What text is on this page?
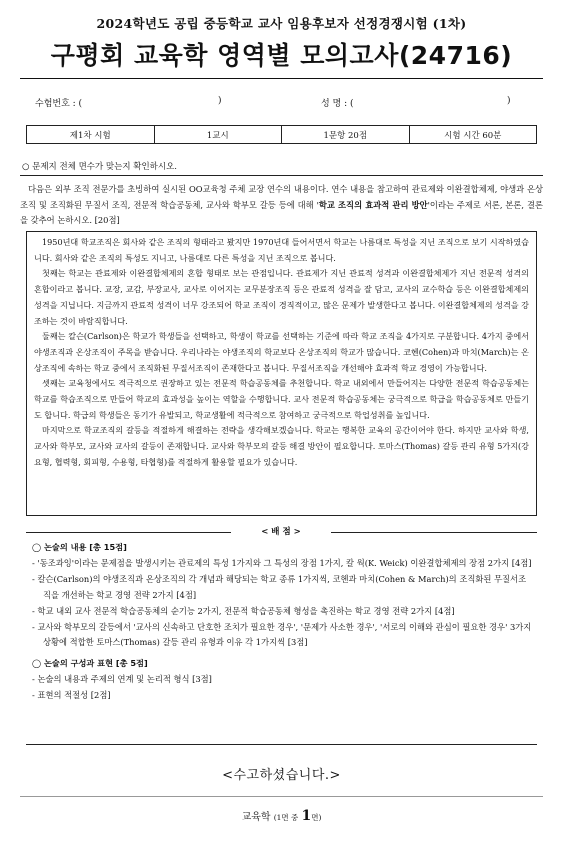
2024학년도 공립 중등학교 교사 임용후보자 선정경쟁시험 (1차)
구평회 교육학 영역별 모의고사(24716)
수험번호 : (	)	성 명 : (	)
제1차 시험	1교시	1문항 20점	시험 시간 60분
○ 문제지 전체 면수가 맞는지 확인하시오.
다음은 외부 조직 전문가를 초빙하여 실시된 OO교육청 주체 교장 연수의 내용이다. 연수 내용을 참고하여 관료제와 이완결합체제, 야생과 온상조직 및 조직화된 무질서 조직, 전문적 학습공동체, 교사와 학부모 갈등 등에 대해 '학교 조직의 효과적 관리 방안'이라는 주제로 서론, 본론, 결론을 갖추어 논하시오. [20점]

1950년대 학교조직은 회사와 같은 조직의 형태라고 봤지만 1970년대 들어서면서 학교는 나름대로 특성을 지닌 조직으로 보기 시작하였습니다. 회사와 같은 조직의 특성도 지니고, 나름대로 다른 특성을 지닌 조직으로 봅니다.

첫째는 학교는 관료제와 이완결합체제의 혼합 형태로 보는 관점입니다. 관료제가 지닌 관료적 성격과 이완결합체제가 지닌 전문적 성격의 혼합이라고 봅니다. 교장, 교감, 부장교사, 교사로 이어지는 교무분장조직 등은 관료적 성격을 잘 담고, 교사의 교수학습 등은 이완결합체제의 성격을 지닙니다. 지금까지 관료적 성격이 너무 강조되어 학교 조직이 경직적이고, 많은 문제가 발생한다고 봅니다. 이완결합체제의 성격을 강조하는 것이 바람직합니다.

둘째는 칼슨(Carlson)은 학교가 학생들을 선택하고, 학생이 학교를 선택하는 기준에 따라 학교 조직을 4가지로 구분합니다. 4가지 중에서 야생조직과 온상조직이 주목을 받습니다. 우리나라는 야생조직의 학교보다 온상조직의 학교가 많습니다. 코헨(Cohen)과 마치(March)는 온상조직에 속하는 학교 중에서 조직화된 무질서조직이 존재한다고 봅니다. 무질서조직을 개선해야 효과적 학교 경영이 가능합니다.

셋째는 교육청에서도 적극적으로 권장하고 있는 전문적 학습공동체를 추천합니다. 학교 내외에서 만들어지는 다양한 전문적 학습공동체는 학교를 학습조직으로 만들어 학교의 효과성을 높이는 역할을 수행합니다. 교사 전문적 학습공동체는 궁극적으로 학급을 학습공동체로 만들기도 합니다. 학급의 학생들은 동기가 유발되고, 학교생활에 적극적으로 참여하고 궁극적으로 학업성취를 높입니다.

마지막으로 학교조직의 갈등을 적절하게 해결하는 전략을 생각해보겠습니다. 학교는 행복한 교육의 공간이어야 한다. 하지만 교사와 학생, 교사와 학부모, 교사와 교사의 갈등이 존재합니다. 교사와 학부모의 갈등 해결 방안이 필요합니다. 토마스(Thomas) 갈등 관리 유형 5가지(강요형, 협력형, 회피형, 수용형, 타협형)를 적절하게 활용할 필요가 있습니다.

< 배 점 >
◯ 논술의 내용 [총 15점]
- '동조과잉'이라는 문제점을 발생시키는 관료제의 특성 1가지와 그 특성의 장점 1가지, 칼 웍(K. Weick) 이완결합체제의 장점 2가지 [4점]
- 칼슨(Carlson)의 야생조직과 온상조직의 각 개념과 해당되는 학교 종류 1가지씩, 코헨과 마치(Cohen & March)의 조직화된 무질서조직을 개선하는 학교 경영 전략 2가지 [4점]
- 학교 내외 교사 전문적 학습공동체의 순기능 2가지, 전문적 학습공동체 형성을 촉진하는 학교 경영 전략 2가지 [4점]
- 교사와 학부모의 갈등에서 '교사의 신속하고 단호한 조치가 필요한 경우', '문제가 사소한 경우', '서로의 이해와 관심이 필요한 경우' 3가지 상황에 적합한 토마스(Thomas) 갈등 관리 유형과 이유 각 1가지씩 [3점]
◯ 논술의 구성과 표현 [총 5점]
- 논술의 내용과 주제의 연계 및 논리적 형식 [3점]
- 표현의 적절성 [2점]
<수고하셨습니다.>
교육학 (1면 중 1면)
